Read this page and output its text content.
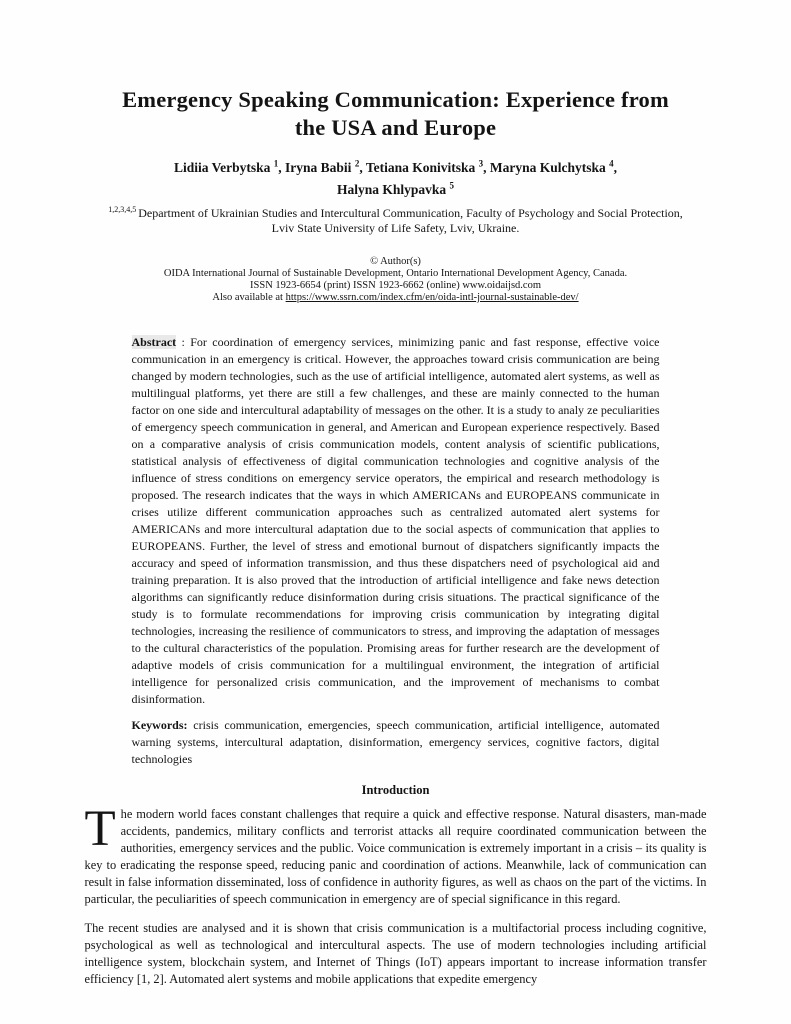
Emergency Speaking Communication: Experience from
the USA and Europe
Lidiia Verbytska $^1$, Iryna Babii $^2$, Tetiana Konivitska $^3$, Maryna Kulchytska $^4$,
Halyna Khlypavka $^5$
$^{1,2,3,4,5}$ Department of Ukrainian Studies and Intercultural Communication, Faculty of Psychology and Social Protection, Lviv State University of Life Safety, Lviv, Ukraine.
© Author(s)
OIDA International Journal of Sustainable Development, Ontario International Development Agency, Canada.
ISSN 1923-6654 (print) ISSN 1923-6662 (online) www.oidaijsd.com
Also available at https://www.ssrn.com/index.cfm/en/oida-intl-journal-sustainable-dev/

Abstract : For coordination of emergency services, minimizing panic and fast response, effective voice communication in an emergency is critical. However, the approaches toward crisis communication are being changed by modern technologies, such as the use of artificial intelligence, automated alert systems, as well as multilingual platforms, yet there are still a few challenges, and these are mainly connected to the human factor on one side and intercultural adaptability of messages on the other. It is a study to analy ze peculiarities of emergency speech communication in general, and American and European experience respectively. Based on a comparative analysis of crisis communication models, content analysis of scientific publications, statistical analysis of effectiveness of digital communication technologies and cognitive analysis of the influence of stress conditions on emergency service operators, the empirical and research methodology is proposed. The research indicates that the ways in which AMERICANs and EUROPEANS communicate in crises utilize different communication approaches such as centralized automated alert systems for AMERICANs and more intercultural adaptation due to the social aspects of communication that applies to EUROPEANS. Further, the level of stress and emotional burnout of dispatchers significantly impacts the accuracy and speed of information transmission, and thus these dispatchers need of psychological aid and training preparation. It is also proved that the introduction of artificial intelligence and fake news detection algorithms can significantly reduce disinformation during crisis situations. The practical significance of the study is to formulate recommendations for improving crisis communication by integrating digital technologies, increasing the resilience of communicators to stress, and improving the adaptation of messages to the cultural characteristics of the population. Promising areas for further research are the development of adaptive models of crisis communication for a multilingual environment, the integration of artificial intelligence for personalized crisis communication, and the improvement of mechanisms to combat disinformation.

Keywords: crisis communication, emergencies, speech communication, artificial intelligence, automated warning systems, intercultural adaptation, disinformation, emergency services, cognitive factors, digital technologies

Introduction

The modern world faces constant challenges that require a quick and effective response. Natural disasters, man-made accidents, pandemics, military conflicts and terrorist attacks all require coordinated communication between the authorities, emergency services and the public. Voice communication is extremely important in a crisis – its quality is key to eradicating the response speed, reducing panic and coordination of actions. Meanwhile, lack of communication can result in false information disseminated, loss of confidence in authority figures, as well as chaos on the part of the victims. In particular, the peculiarities of speech communication in emergency are of special significance in this regard.

The recent studies are analysed and it is shown that crisis communication is a multifactorial process including cognitive, psychological as well as technological and intercultural aspects. The use of modern technologies including artificial intelligence system, blockchain system, and Internet of Things (IoT) appears important to increase information transfer efficiency [1, 2]. Automated alert systems and mobile applications that expedite emergency
